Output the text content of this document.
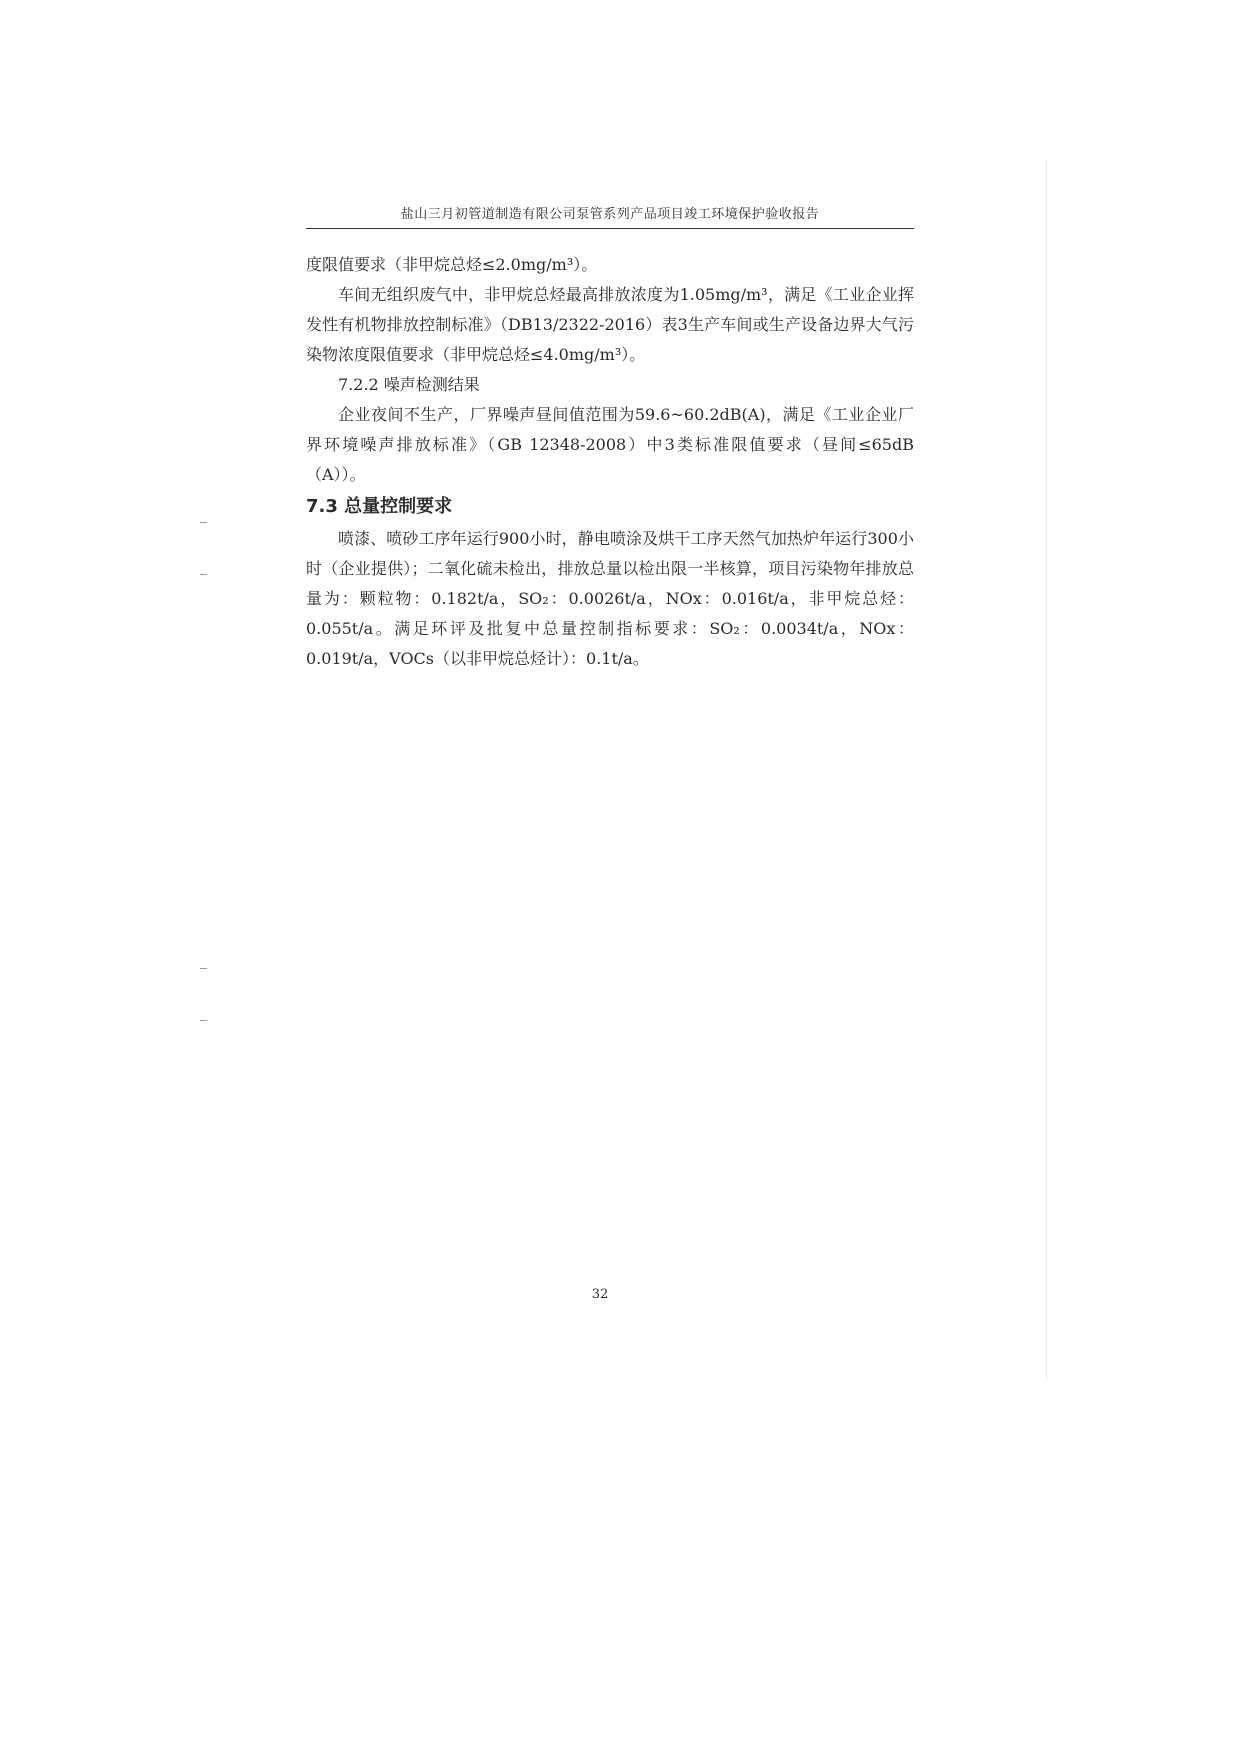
盐山三月初管道制造有限公司泵管系列产品项目竣工环境保护验收报告

度限值要求（非甲烷总烃≤2.0mg/m³）。

车间无组织废气中，非甲烷总烃最高排放浓度为1.05mg/m³，满足《工业企业挥发性有机物排放控制标准》（DB13/2322-2016）表3生产车间或生产设备边界大气污染物浓度限值要求（非甲烷总烃≤4.0mg/m³）。

7.2.2 噪声检测结果

企业夜间不生产，厂界噪声昼间值范围为59.6~60.2dB(A)，满足《工业企业厂界环境噪声排放标准》（GB 12348-2008）中3类标准限值要求（昼间≤65dB（A））。

7.3 总量控制要求

喷漆、喷砂工序年运行900小时，静电喷涂及烘干工序天然气加热炉年运行300小时（企业提供）；二氧化硫未检出，排放总量以检出限一半核算，项目污染物年排放总量为：颗粒物：0.182t/a，SO₂：0.0026t/a，NOx：0.016t/a，非甲烷总烃：0.055t/a。满足环评及批复中总量控制指标要求：SO₂：0.0034t/a，NOx：0.019t/a，VOCs（以非甲烷总烃计）：0.1t/a。

32
